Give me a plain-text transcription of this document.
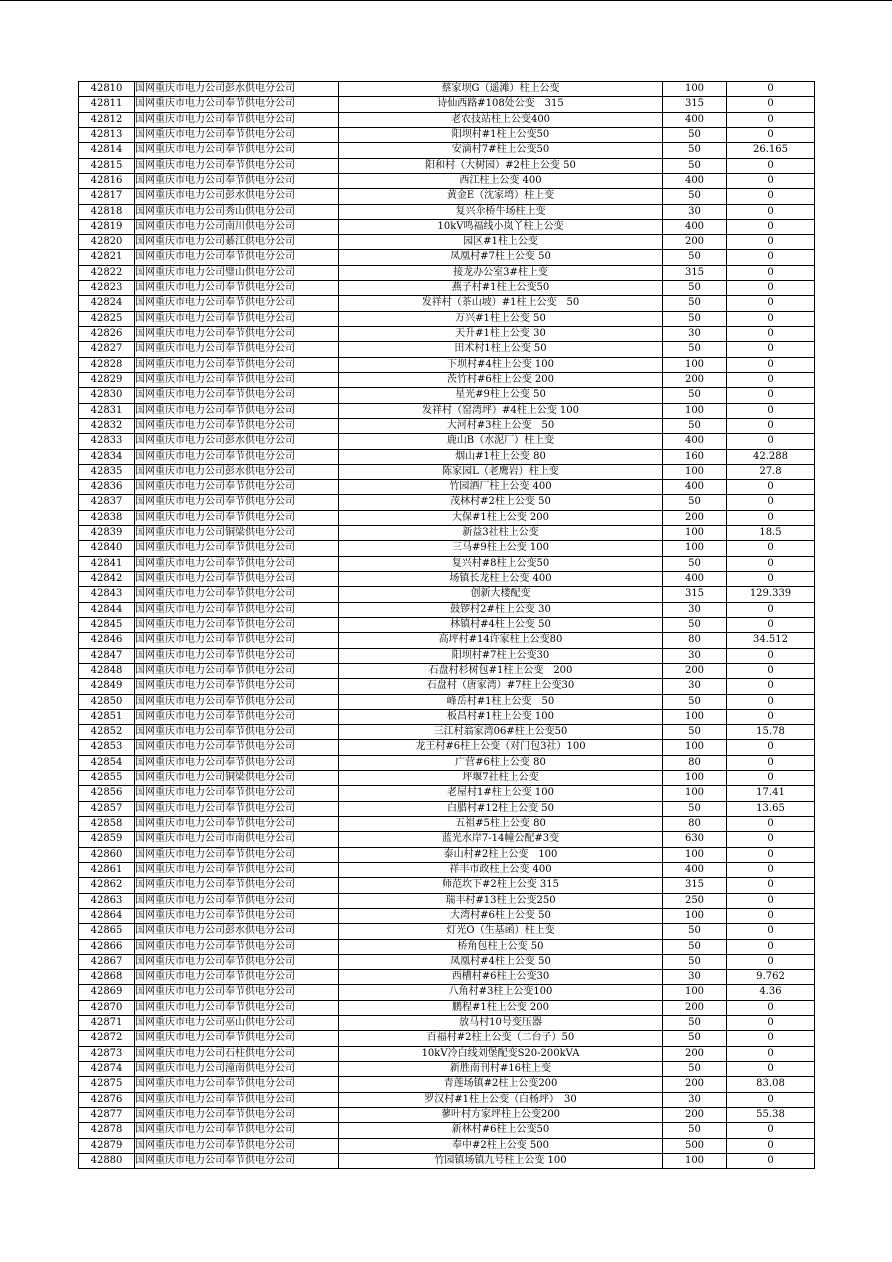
42810	国网重庆市电力公司彭水供电分公司	蔡家坝G（遥滩）柱上公变	100	0
42811	国网重庆市电力公司奉节供电分公司	诗仙西路#108处公变　315	315	0
42812	国网重庆市电力公司奉节供电分公司	老农技站柱上公变400	400	0
42813	国网重庆市电力公司奉节供电分公司	阳坝村#1柱上公变50	50	0
42814	国网重庆市电力公司奉节供电分公司	安滴村7#柱上公变50	50	26.165
42815	国网重庆市电力公司奉节供电分公司	阳和村（大树园）#2柱上公变 50	50	0
42816	国网重庆市电力公司奉节供电分公司	西江柱上公变 400	400	0
42817	国网重庆市电力公司彭水供电分公司	黄金E（沈家塆）柱上变	50	0
42818	国网重庆市电力公司秀山供电分公司	复兴伞桥牛场柱上变	30	0
42819	国网重庆市电力公司南川供电分公司	10kV鸣福线小岚丫柱上公变	400	0
42820	国网重庆市电力公司綦江供电分公司	园区#1柱上公变	200	0
42821	国网重庆市电力公司奉节供电分公司	凤凰村#7柱上公变 50	50	0
42822	国网重庆市电力公司璧山供电分公司	接龙办公室3#柱上变	315	0
42823	国网重庆市电力公司奉节供电分公司	燕子村#1柱上公变50	50	0
42824	国网重庆市电力公司奉节供电分公司	发祥村（茶山坡）#1柱上公变　50	50	0
42825	国网重庆市电力公司奉节供电分公司	万兴#1柱上公变 50	50	0
42826	国网重庆市电力公司奉节供电分公司	天升#1柱上公变 30	30	0
42827	国网重庆市电力公司奉节供电分公司	田术村1柱上公变 50	50	0
42828	国网重庆市电力公司奉节供电分公司	下坝村#4柱上公变 100	100	0
42829	国网重庆市电力公司奉节供电分公司	茨竹村#6柱上公变 200	200	0
42830	国网重庆市电力公司奉节供电分公司	星光#9柱上公变 50	50	0
42831	国网重庆市电力公司奉节供电分公司	发祥村（窑湾坪）#4柱上公变 100	100	0
42832	国网重庆市电力公司奉节供电分公司	大河村#3柱上公变　50	50	0
42833	国网重庆市电力公司彭水供电分公司	鹿山B（水泥厂）柱上变	400	0
42834	国网重庆市电力公司奉节供电分公司	烟山#1柱上公变 80	160	42.288
42835	国网重庆市电力公司彭水供电分公司	陈家园L（老鹰岩）柱上变	100	27.8
42836	国网重庆市电力公司奉节供电分公司	竹园酒厂柱上公变 400	400	0
42837	国网重庆市电力公司奉节供电分公司	茂林村#2柱上公变 50	50	0
42838	国网重庆市电力公司奉节供电分公司	大保#1柱上公变 200	200	0
42839	国网重庆市电力公司铜梁供电分公司	新益3社柱上公变	100	18.5
42840	国网重庆市电力公司奉节供电分公司	三马#9柱上公变 100	100	0
42841	国网重庆市电力公司奉节供电分公司	复兴村#8柱上公变50	50	0
42842	国网重庆市电力公司奉节供电分公司	场镇长龙柱上公变 400	400	0
42843	国网重庆市电力公司奉节供电分公司	创新大楼配变	315	129.339
42844	国网重庆市电力公司奉节供电分公司	鼓锣村2#柱上公变 30	30	0
42845	国网重庆市电力公司奉节供电分公司	林镇村#4柱上公变 50	50	0
42846	国网重庆市电力公司奉节供电分公司	高坪村#14许家柱上公变80	80	34.512
42847	国网重庆市电力公司奉节供电分公司	阳坝村#7柱上公变30	30	0
42848	国网重庆市电力公司奉节供电分公司	石盘村杉树包#1柱上公变　200	200	0
42849	国网重庆市电力公司奉节供电分公司	石盘村（唐家湾）#7柱上公变30	30	0
42850	国网重庆市电力公司奉节供电分公司	峰岳村#1柱上公变　50	50	0
42851	国网重庆市电力公司奉节供电分公司	板昌村#1柱上公变 100	100	0
42852	国网重庆市电力公司奉节供电分公司	三江村翁家湾06#柱上公变50	50	15.78
42853	国网重庆市电力公司奉节供电分公司	龙王村#6柱上公变（对门包3社）100	100	0
42854	国网重庆市电力公司奉节供电分公司	广营#6柱上公变 80	80	0
42855	国网重庆市电力公司铜梁供电分公司	坪堰7社柱上公变	100	0
42856	国网重庆市电力公司奉节供电分公司	老屋村1#柱上公变 100	100	17.41
42857	国网重庆市电力公司奉节供电分公司	白腊村#12柱上公变 50	50	13.65
42858	国网重庆市电力公司奉节供电分公司	五祖#5柱上公变 80	80	0
42859	国网重庆市电力公司市南供电分公司	蓝光水岸7-14幢公配#3变	630	0
42860	国网重庆市电力公司奉节供电分公司	泰山村#2柱上公变　100	100	0
42861	国网重庆市电力公司奉节供电分公司	祥丰市政柱上公变 400	400	0
42862	国网重庆市电力公司奉节供电分公司	师范坎下#2柱上公变 315	315	0
42863	国网重庆市电力公司奉节供电分公司	瑞丰村#13柱上公变250	250	0
42864	国网重庆市电力公司奉节供电分公司	大湾村#6柱上公变 50	100	0
42865	国网重庆市电力公司彭水供电分公司	灯光O（生基函）柱上变	50	0
42866	国网重庆市电力公司奉节供电分公司	桥角包柱上公变 50	50	0
42867	国网重庆市电力公司奉节供电分公司	凤凰村#4柱上公变 50	50	0
42868	国网重庆市电力公司奉节供电分公司	西槽村#6柱上公变30	30	9.762
42869	国网重庆市电力公司奉节供电分公司	八角村#3柱上公变100	100	4.36
42870	国网重庆市电力公司奉节供电分公司	鹏程#1柱上公变 200	200	0
42871	国网重庆市电力公司巫山供电分公司	放马村10号变压器	50	0
42872	国网重庆市电力公司奉节供电分公司	百福村#2柱上公变（二台子）50	50	0
42873	国网重庆市电力公司石柱供电分公司	10kV冷白线刘堡配变S20-200kVA	200	0
42874	国网重庆市电力公司潼南供电分公司	新胜南刊村#16柱上变	50	0
42875	国网重庆市电力公司奉节供电分公司	青莲场镇#2柱上公变200	200	83.08
42876	国网重庆市电力公司奉节供电分公司	罗汉村#1柱上公变（白杨坪）　30	30	0
42877	国网重庆市电力公司奉节供电分公司	蓼叶村方家坪柱上公变200	200	55.38
42878	国网重庆市电力公司奉节供电分公司	新林村#6柱上公变50	50	0
42879	国网重庆市电力公司奉节供电分公司	奉中#2柱上公变 500	500	0
42880	国网重庆市电力公司奉节供电分公司	竹园镇场镇九号柱上公变 100	100	0
